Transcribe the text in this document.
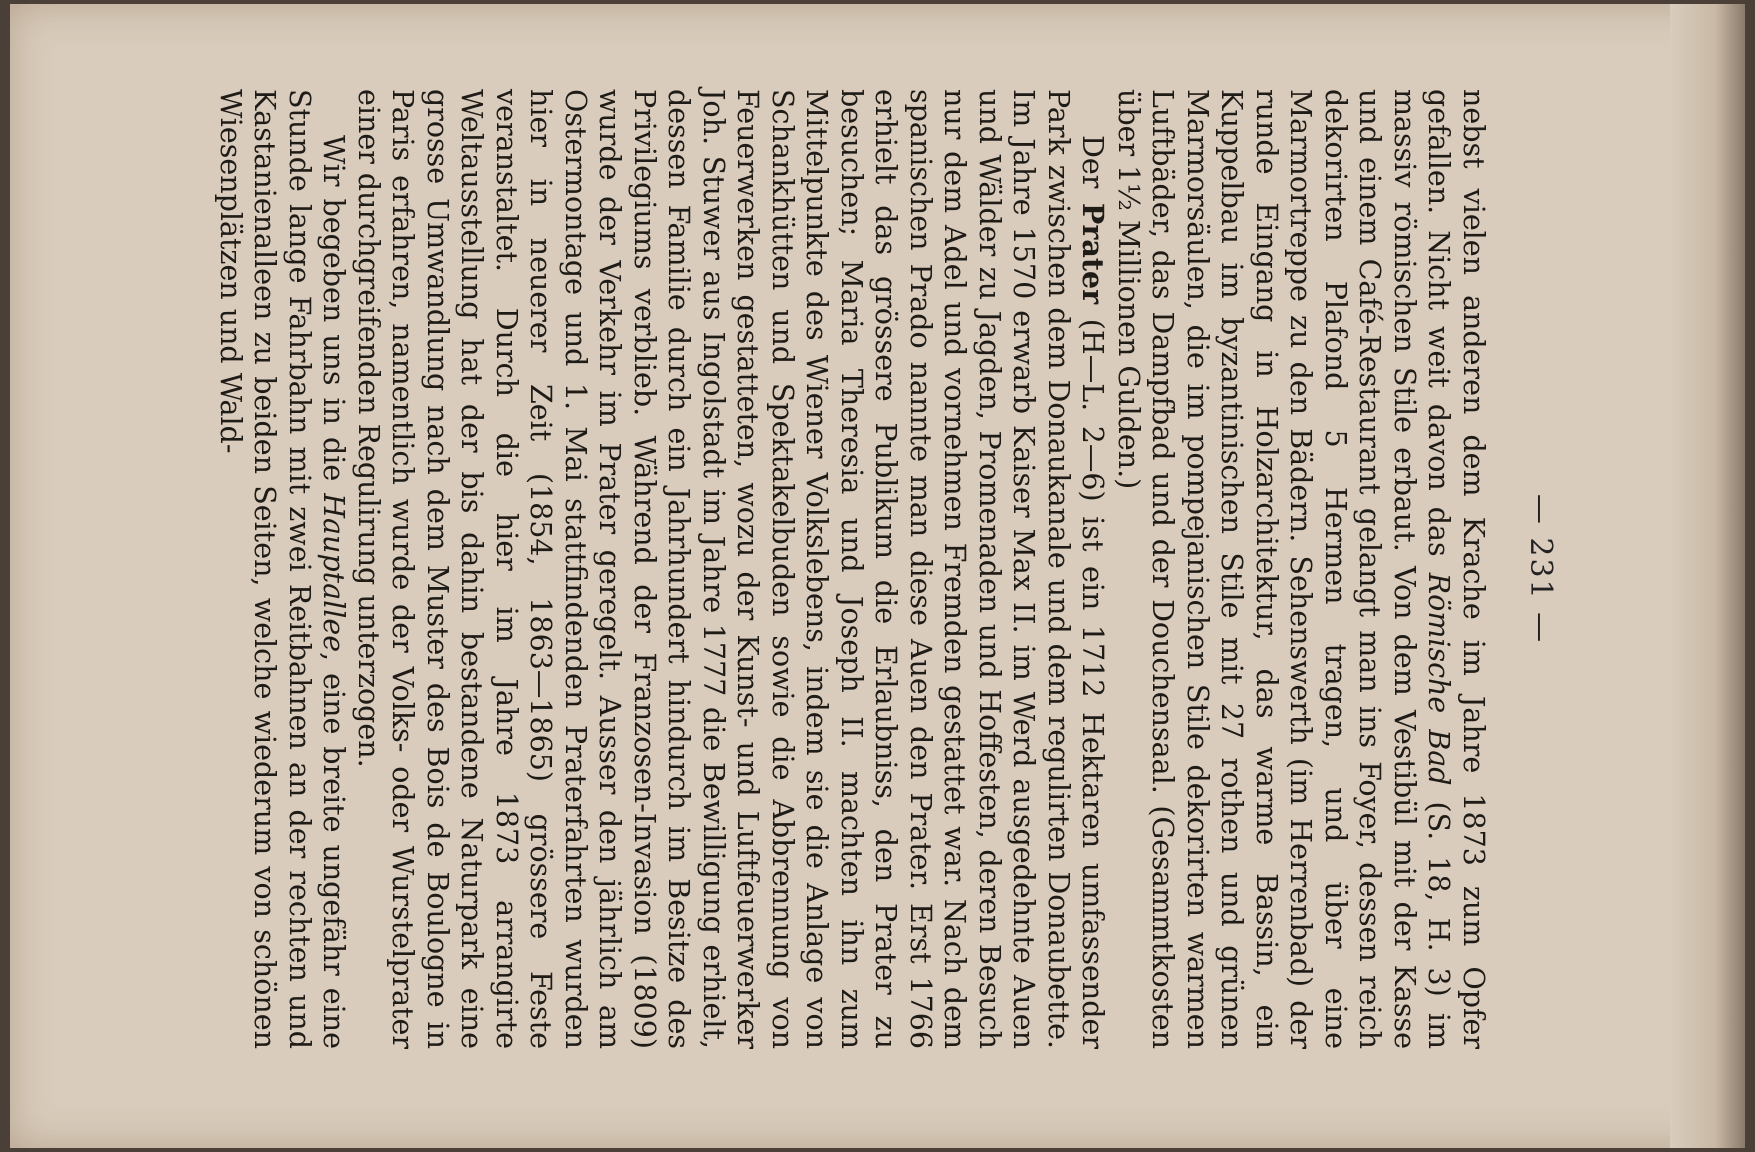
— 231 —

nebst vielen anderen dem Krache im Jahre 1873 zum Opfer gefallen. Nicht weit davon das Römische Bad (S. 18, H. 3) im massiv römischen Stile erbaut. Von dem Vestibül mit der Kasse und einem Café-Restaurant gelangt man ins Foyer, dessen reich dekorirten Plafond 5 Hermen tragen, und über eine Marmortreppe zu den Bädern. Sehenswerth (im Herrenbad) der runde Eingang in Holzarchitektur, das warme Bassin, ein Kuppelbau im byzantinischen Stile mit 27 rothen und grünen Marmorsäulen, die im pompejanischen Stile dekorirten warmen Luftbäder, das Dampfbad und der Douchensaal. (Gesammtkosten über 1½ Millionen Gulden.)

Der Prater (H—L. 2—6) ist ein 1712 Hektaren umfassender Park zwischen dem Donaukanale und dem regulirten Donaubette. Im Jahre 1570 erwarb Kaiser Max II. im Werd ausgedehnte Auen und Wälder zu Jagden, Promenaden und Hoffesten, deren Besuch nur dem Adel und vornehmen Fremden gestattet war. Nach dem spanischen Prado nannte man diese Auen den Prater. Erst 1766 erhielt das grössere Publikum die Erlaubniss, den Prater zu besuchen; Maria Theresia und Joseph II. machten ihn zum Mittelpunkte des Wiener Volkslebens, indem sie die Anlage von Schankhütten und Spektakelbuden sowie die Abbrennung von Feuerwerken gestatteten, wozu der Kunst- und Luftfeuerwerker Joh. Stuwer aus Ingolstadt im Jahre 1777 die Bewilligung erhielt, dessen Familie durch ein Jahrhundert hindurch im Besitze des Privilegiums verblieb. Während der Franzosen-Invasion (1809) wurde der Verkehr im Prater geregelt. Ausser den jährlich am Ostermontage und 1. Mai stattfindenden Praterfahrten wurden hier in neuerer Zeit (1854, 1863—1865) grössere Feste veranstaltet. Durch die hier im Jahre 1873 arrangirte Weltausstellung hat der bis dahin bestandene Naturpark eine grosse Umwandlung nach dem Muster des Bois de Boulogne in Paris erfahren, namentlich wurde der Volks- oder Wurstelprater einer durchgreifenden Regulirung unterzogen.

Wir begeben uns in die Hauptallee, eine breite ungefähr eine Stunde lange Fahrbahn mit zwei Reitbahnen an der rechten und Kastanienalleen zu beiden Seiten, welche wiederum von schönen Wiesenplätzen und Wald-
